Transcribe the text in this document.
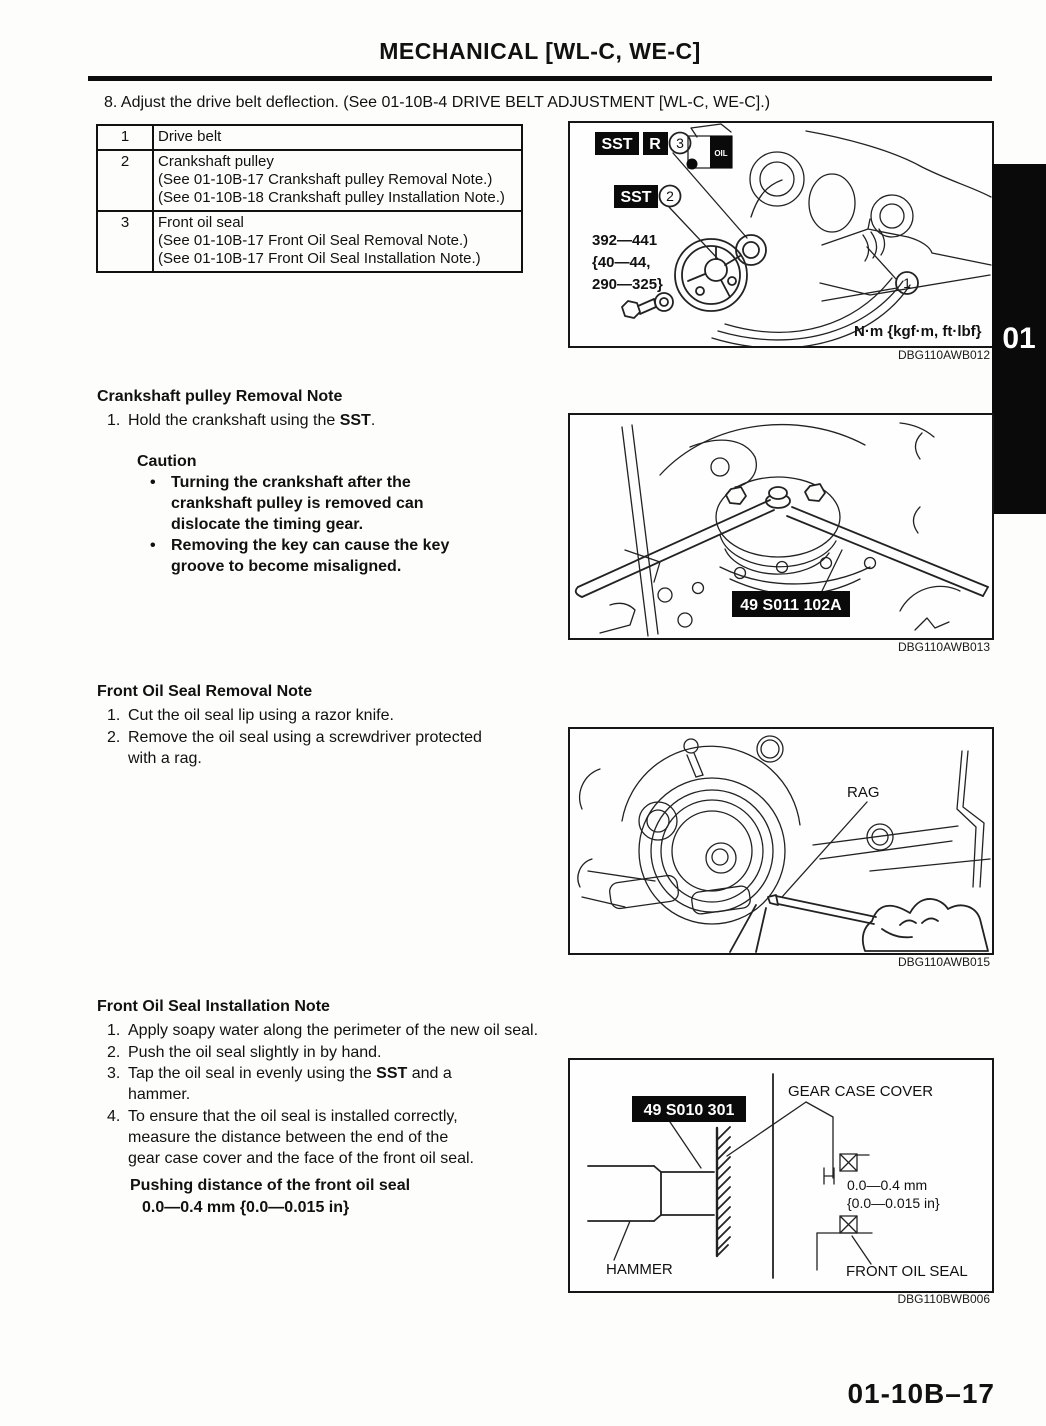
MECHANICAL [WL-C, WE-C]
8. Adjust the drive belt deflection. (See 01-10B-4 DRIVE BELT ADJUSTMENT [WL-C, WE-C].)
1	Drive belt

2	Crankshaft pulley
(See 01-10B-17 Crankshaft pulley Removal Note.)
(See 01-10B-18 Crankshaft pulley Installation Note.)

3	Front oil seal
(See 01-10B-17 Front Oil Seal Removal Note.)
(See 01-10B-17 Front Oil Seal Installation Note.)
SST R 3
OIL
SST 2
392—441
{40—44,
290—325}	1
N·m {kgf·m, ft·lbf}
DBG110AWB012 01
Crankshaft pulley Removal Note
1. Hold the crankshaft using the SST.
Caution
• Turning the crankshaft after the
crankshaft pulley is removed can
dislocate the timing gear.
• Removing the key can cause the key
groove to become misaligned.
49 S011 102A
DBG110AWB013
Front Oil Seal Removal Note
1. Cut the oil seal lip using a razor knife.
2. Remove the oil seal using a screwdriver protected
with a rag.
RAG
DBG110AWB015
Front Oil Seal Installation Note
1. Apply soapy water along the perimeter of the new oil seal.
2. Push the oil seal slightly in by hand.
3. Tap the oil seal in evenly using the SST and a
hammer.
4. To ensure that the oil seal is installed correctly,
measure the distance between the end of the
gear case cover and the face of the front oil seal.
Pushing distance of the front oil seal
0.0—0.4 mm {0.0—0.015 in}
49 S010 301
GEAR CASE COVER
0.0—0.4 mm
{0.0—0.015 in}
FRONT OIL SEAL
HAMMER
DBG110BWB006
01-10B–17
